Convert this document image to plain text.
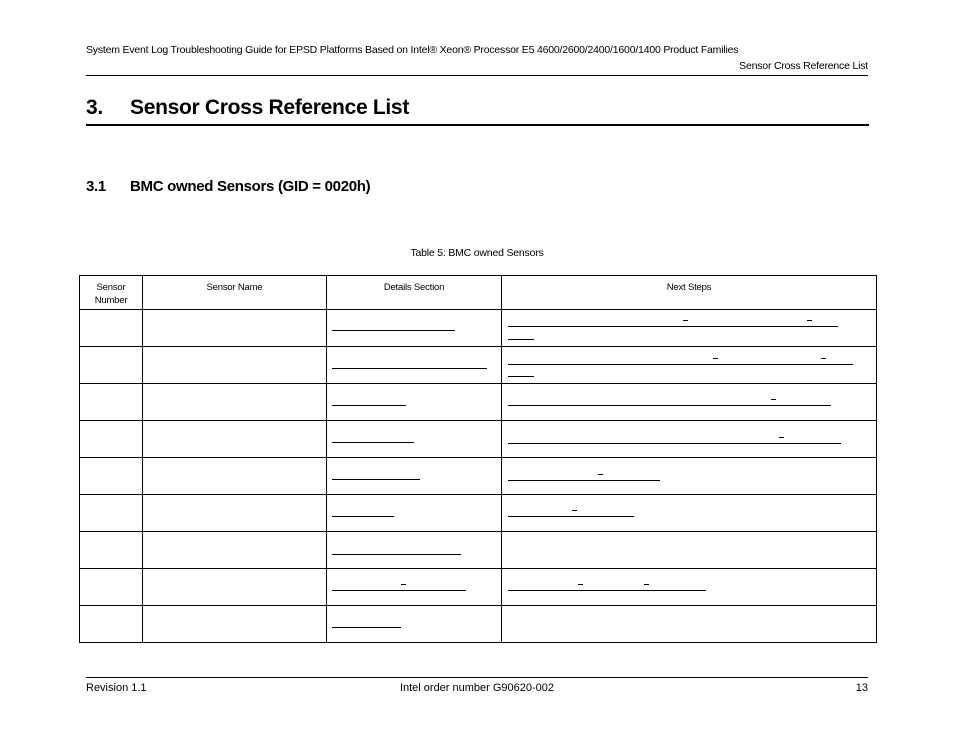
System Event Log Troubleshooting Guide for EPSD Platforms Based on Intel® Xeon® Processor E5 4600/2600/2400/1600/1400 Product Families
Sensor Cross Reference List
3. Sensor Cross Reference List
3.1 BMC owned Sensors (GID = 0020h)
Table 5: BMC owned Sensors
Sensor Number	Sensor Name	Details Section	Next Steps

Revision 1.1	Intel order number G90620-002	13
